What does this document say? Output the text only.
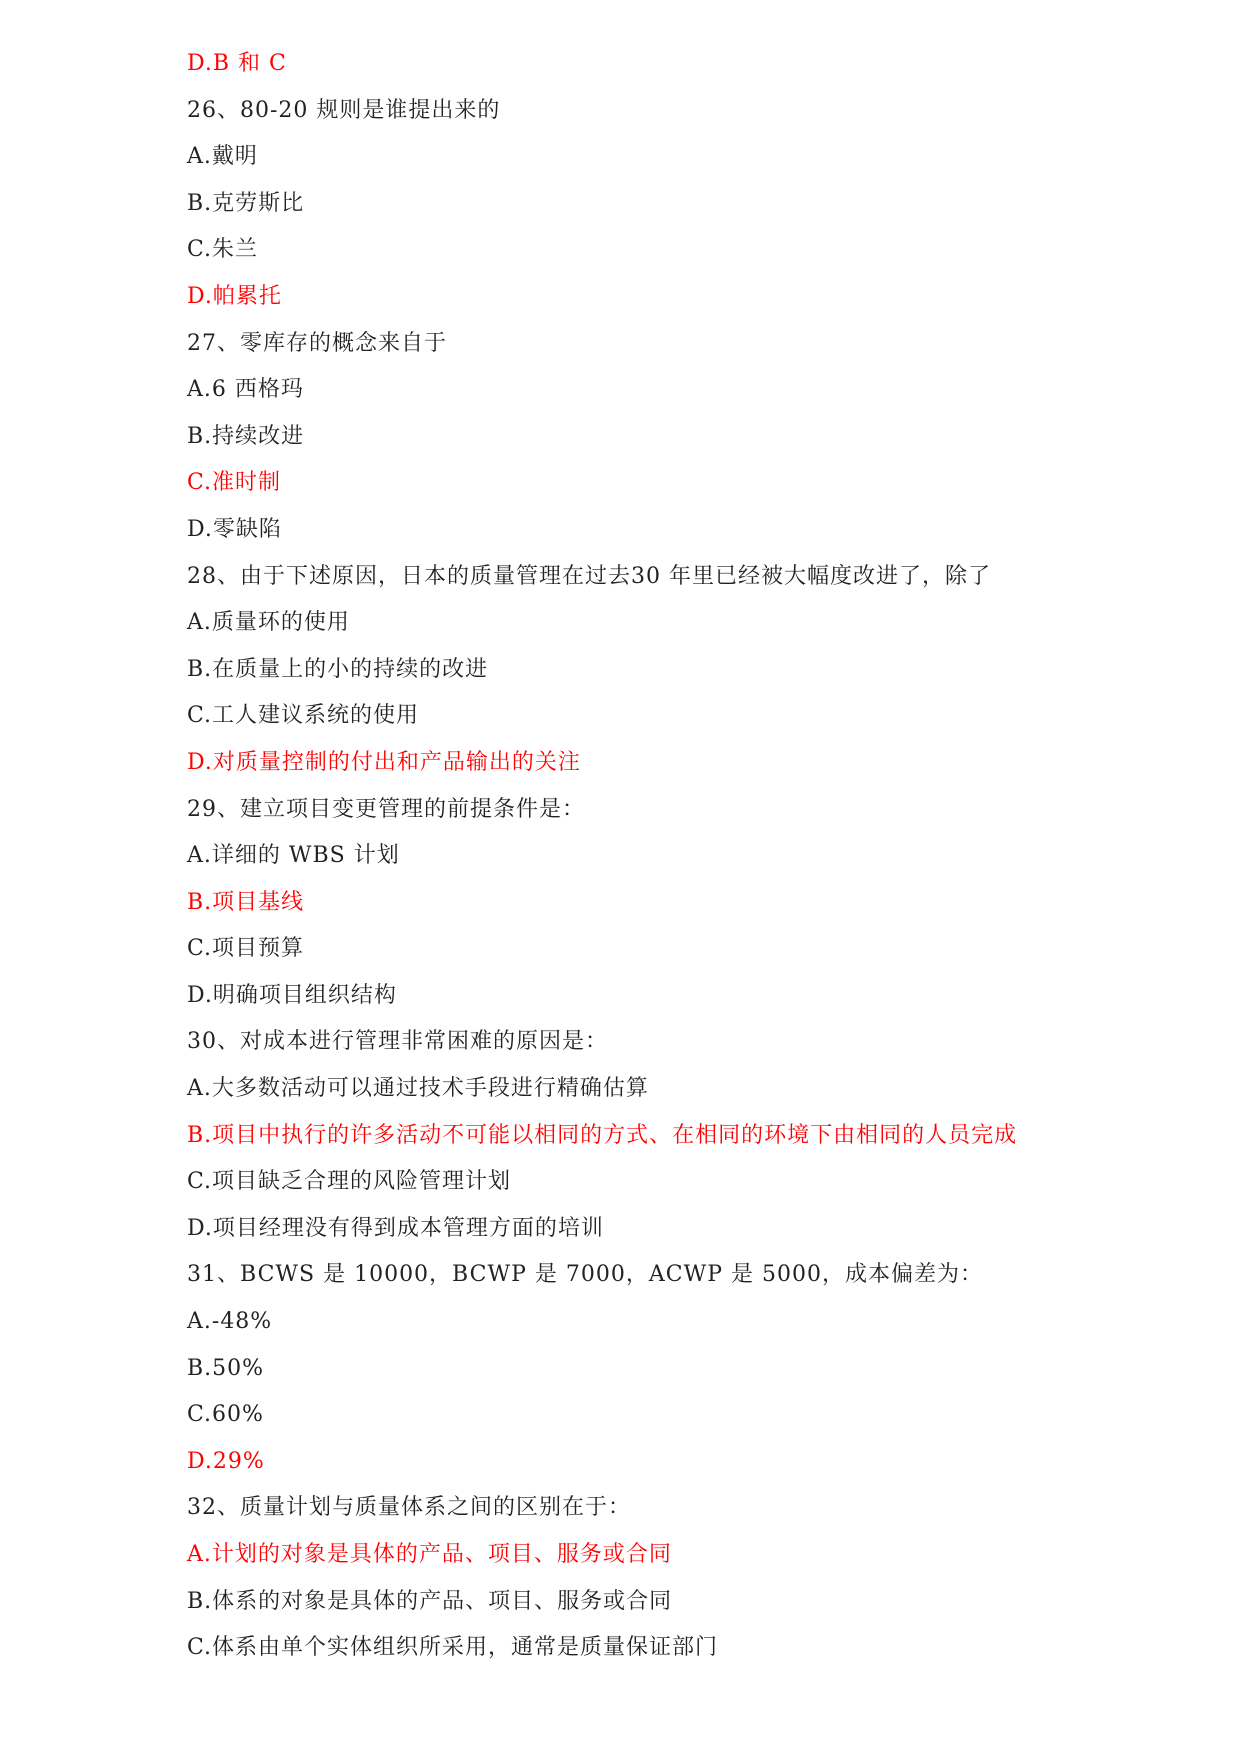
D.B 和 C
26、80-20 规则是谁提出来的
A.戴明
B.克劳斯比
C.朱兰
D.帕累托
27、零库存的概念来自于
A.6 西格玛
B.持续改进
C.准时制
D.零缺陷
28、由于下述原因，日本的质量管理在过去30 年里已经被大幅度改进了，除了
A.质量环的使用
B.在质量上的小的持续的改进
C.工人建议系统的使用
D.对质量控制的付出和产品输出的关注
29、建立项目变更管理的前提条件是：
A.详细的 WBS 计划
B.项目基线
C.项目预算
D.明确项目组织结构
30、对成本进行管理非常困难的原因是：
A.大多数活动可以通过技术手段进行精确估算
B.项目中执行的许多活动不可能以相同的方式、在相同的环境下由相同的人员完成
C.项目缺乏合理的风险管理计划
D.项目经理没有得到成本管理方面的培训
31、BCWS 是 10000，BCWP 是 7000，ACWP 是 5000，成本偏差为：
A.-48%
B.50%
C.60%
D.29%
32、质量计划与质量体系之间的区别在于：
A.计划的对象是具体的产品、项目、服务或合同
B.体系的对象是具体的产品、项目、服务或合同
C.体系由单个实体组织所采用，通常是质量保证部门
